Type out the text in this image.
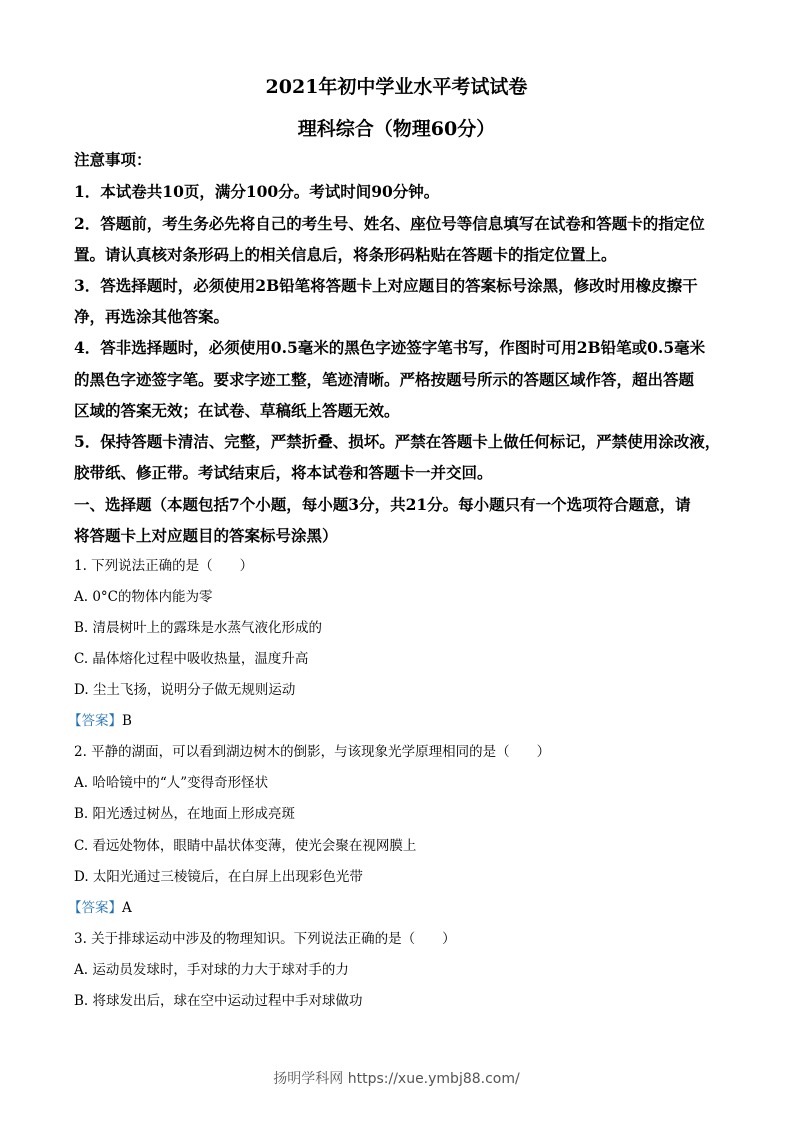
2021年初中学业水平考试试卷
理科综合（物理60分）
注意事项：
1．本试卷共10页，满分100分。考试时间90分钟。
2．答题前，考生务必先将自己的考生号、姓名、座位号等信息填写在试卷和答题卡的指定位
置。请认真核对条形码上的相关信息后，将条形码粘贴在答题卡的指定位置上。
3．答选择题时，必须使用2B铅笔将答题卡上对应题目的答案标号涂黑，修改时用橡皮擦干
净，再选涂其他答案。
4．答非选择题时，必须使用0.5毫米的黑色字迹签字笔书写，作图时可用2B铅笔或0.5毫米
的黑色字迹签字笔。要求字迹工整，笔迹清晰。严格按题号所示的答题区域作答，超出答题
区域的答案无效；在试卷、草稿纸上答题无效。
5．保持答题卡清洁、完整，严禁折叠、损坏。严禁在答题卡上做任何标记，严禁使用涂改液，
胶带纸、修正带。考试结束后，将本试卷和答题卡一并交回。
一、选择题（本题包括7个小题，每小题3分，共21分。每小题只有一个选项符合题意，请
将答题卡上对应题目的答案标号涂黑）
1. 下列说法正确的是（　　）
A. 0°C的物体内能为零
B. 清晨树叶上的露珠是水蒸气液化形成的
C. 晶体熔化过程中吸收热量，温度升高
D. 尘土飞扬，说明分子做无规则运动
【答案】B
2. 平静的湖面，可以看到湖边树木的倒影，与该现象光学原理相同的是（　　）
A. 哈哈镜中的“人”变得奇形怪状
B. 阳光透过树丛，在地面上形成亮斑
C. 看远处物体，眼睛中晶状体变薄，使光会聚在视网膜上
D. 太阳光通过三棱镜后，在白屏上出现彩色光带
【答案】A
3. 关于排球运动中涉及的物理知识。下列说法正确的是（　　）
A. 运动员发球时，手对球的力大于球对手的力
B. 将球发出后，球在空中运动过程中手对球做功
扬明学科网 https://xue.ymbj88.com/
